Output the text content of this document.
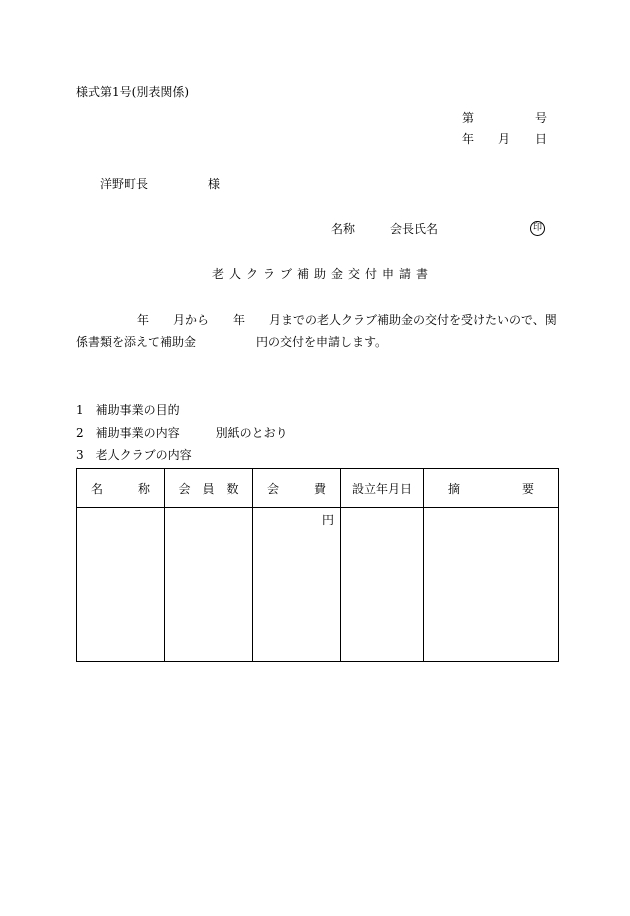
様式第1号(別表関係)
第	号
年 月 日
洋野町長	様
名称	会長氏名	印
老人クラブ補助金交付申請書
年　　月から　　年　　月までの老人クラブ補助金の交付を受けたいので、関
係書類を添えて補助金　　　　　円の交付を申請します。
1　補助事業の目的
2　補助事業の内容　　　別紙のとおり
3　老人クラブの内容
名 称	会　員　数	会 費	設立年月日	摘 要

		円		
